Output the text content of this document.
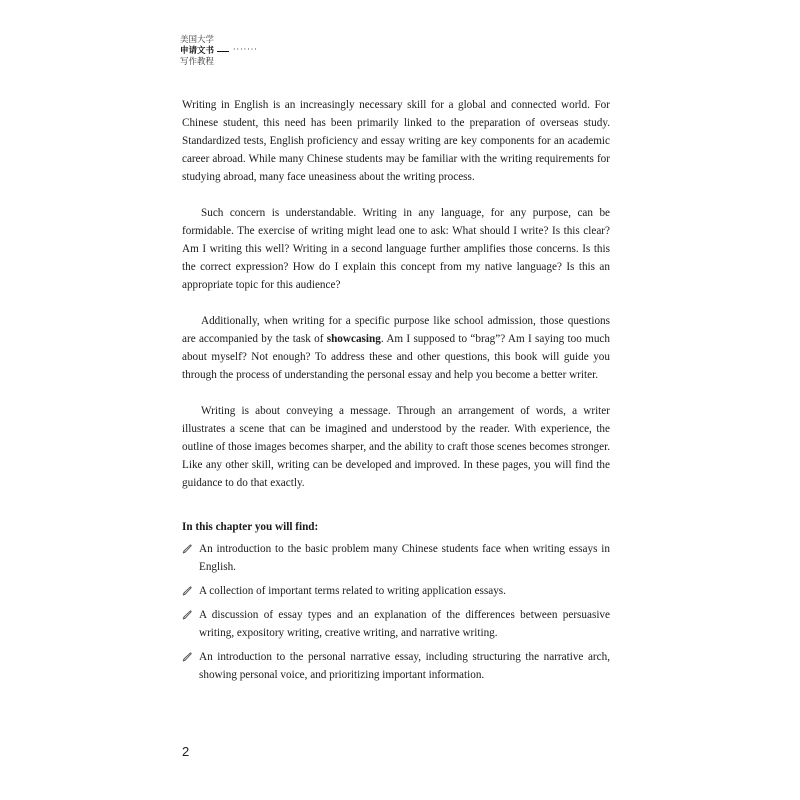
美国大学
申请文书 ·······
写作教程

Writing in English is an increasingly necessary skill for a global and connected world. For Chinese student, this need has been primarily linked to the preparation of overseas study. Standardized tests, English proficiency and essay writing are key components for an academic career abroad. While many Chinese students may be familiar with the writing requirements for studying abroad, many face uneasiness about the writing process.

Such concern is understandable. Writing in any language, for any purpose, can be formidable. The exercise of writing might lead one to ask: What should I write? Is this clear? Am I writing this well? Writing in a second language further amplifies those concerns. Is this the correct expression? How do I explain this concept from my native language? Is this an appropriate topic for this audience?

Additionally, when writing for a specific purpose like school admission, those questions are accompanied by the task of showcasing. Am I supposed to “brag”? Am I saying too much about myself? Not enough? To address these and other questions, this book will guide you through the process of understanding the personal essay and help you become a better writer.

Writing is about conveying a message. Through an arrangement of words, a writer illustrates a scene that can be imagined and understood by the reader. With experience, the outline of those images becomes sharper, and the ability to craft those scenes becomes stronger. Like any other skill, writing can be developed and improved. In these pages, you will find the guidance to do that exactly.

In this chapter you will find:
An introduction to the basic problem many Chinese students face when writing essays in English.
A collection of important terms related to writing application essays.
A discussion of essay types and an explanation of the differences between persuasive writing, expository writing, creative writing, and narrative writing.
An introduction to the personal narrative essay, including structuring the narrative arch, showing personal voice, and prioritizing important information.
2
